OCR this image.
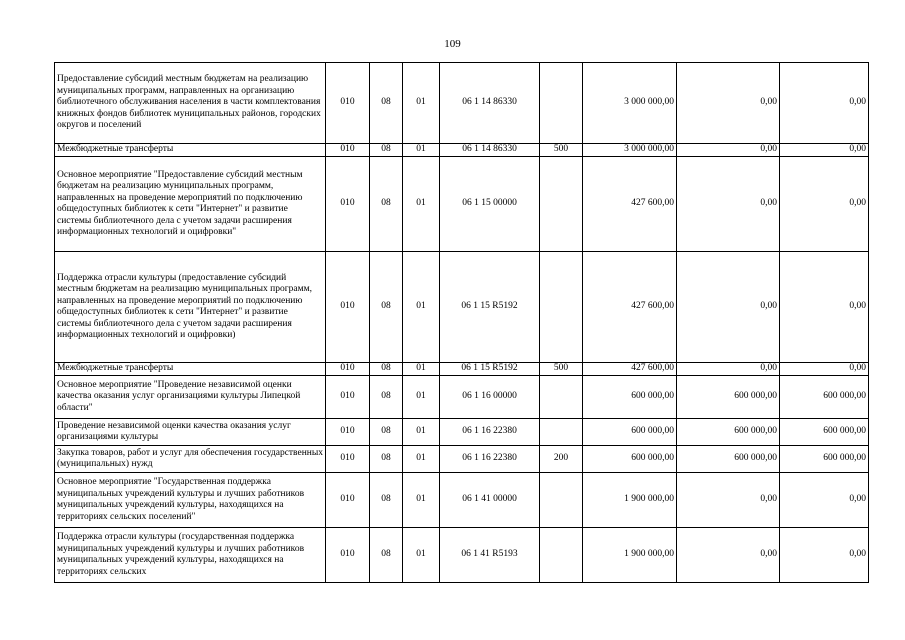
109
Предоставление субсидий местным бюджетам на реализацию муниципальных программ, направленных на организацию библиотечного обслуживания населения в части комплектования книжных фондов библиотек муниципальных районов, городских округов и поселений	010	08	01	06 1 14 86330		3 000 000,00	0,00	0,00
Межбюджетные трансферты	010	08	01	06 1 14 86330	500	3 000 000,00	0,00	0,00
Основное мероприятие "Предоставление субсидий местным бюджетам на реализацию муниципальных программ, направленных на проведение мероприятий по подключению общедоступных библиотек к сети "Интернет" и развитие системы библиотечного дела с учетом задачи расширения информационных технологий и оцифровки"	010	08	01	06 1 15 00000		427 600,00	0,00	0,00
Поддержка отрасли культуры (предоставление субсидий местным бюджетам на реализацию муниципальных программ, направленных на проведение мероприятий по подключению общедоступных библиотек к сети "Интернет" и развитие системы библиотечного дела с учетом задачи расширения информационных технологий и оцифровки)	010	08	01	06 1 15 R5192		427 600,00	0,00	0,00
Межбюджетные трансферты	010	08	01	06 1 15 R5192	500	427 600,00	0,00	0,00
Основное мероприятие "Проведение независимой оценки качества оказания услуг организациями культуры Липецкой области"	010	08	01	06 1 16 00000		600 000,00	600 000,00	600 000,00
Проведение независимой оценки качества оказания услуг организациями культуры	010	08	01	06 1 16 22380		600 000,00	600 000,00	600 000,00
Закупка товаров, работ и услуг для обеспечения государственных (муниципальных) нужд	010	08	01	06 1 16 22380	200	600 000,00	600 000,00	600 000,00
Основное мероприятие "Государственная поддержка муниципальных учреждений культуры и лучших работников муниципальных учреждений культуры, находящихся на территориях сельских поселений"	010	08	01	06 1 41 00000		1 900 000,00	0,00	0,00
Поддержка отрасли культуры (государственная поддержка муниципальных учреждений культуры и лучших работников муниципальных учреждений культуры, находящихся на территориях сельских	010	08	01	06 1 41 R5193		1 900 000,00	0,00	0,00
